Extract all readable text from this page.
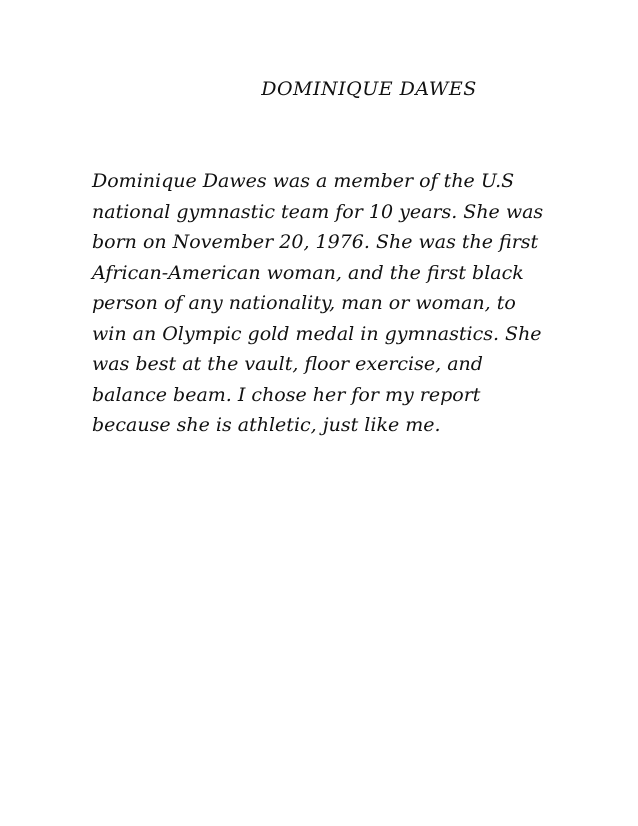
DOMINIQUE DAWES
Dominique Dawes was a member of the U.S
national gymnastic team for 10 years. She was
born on November 20, 1976. She was the first
African-American woman, and the first black
person of any nationality, man or woman, to
win an Olympic gold medal in gymnastics. She
was best at the vault, floor exercise, and
balance beam. I chose her for my report
because she is athletic, just like me.
